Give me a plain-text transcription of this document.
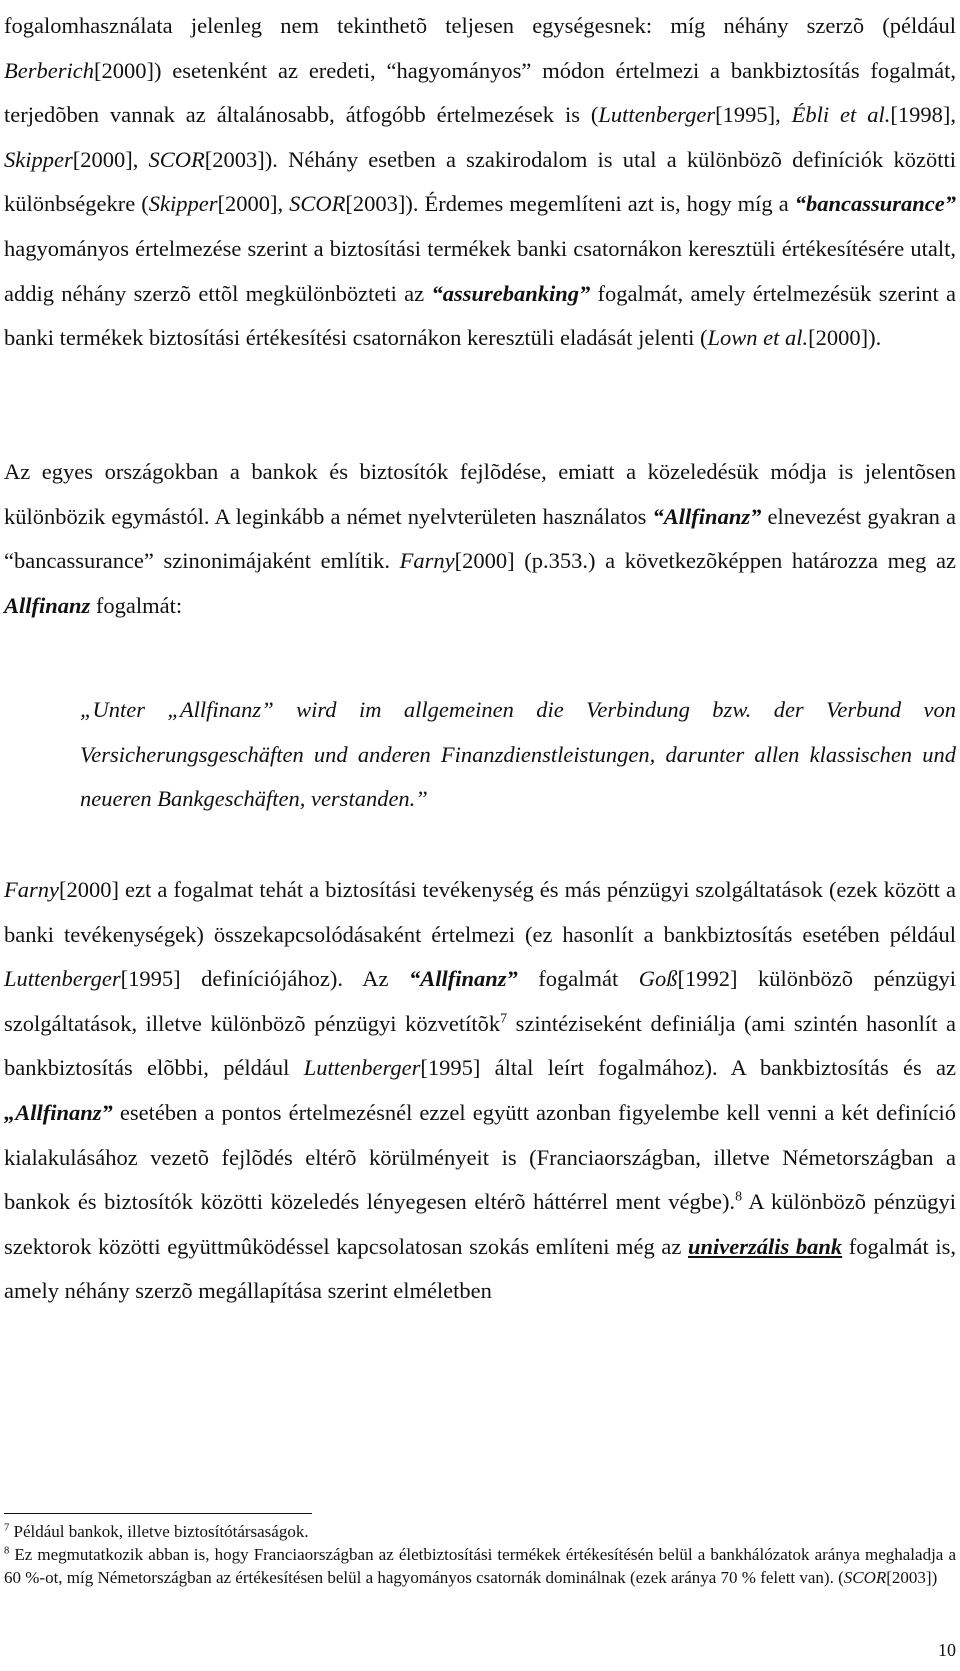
fogalomhasználata jelenleg nem tekinthetõ teljesen egységesnek: míg néhány szerzõ (például Berberich[2000]) esetenként az eredeti, “hagyományos” módon értelmezi a bankbiztosítás fogalmát, terjedõben vannak az általánosabb, átfogóbb értelmezések is (Luttenberger[1995], Ébli et al.[1998], Skipper[2000], SCOR[2003]). Néhány esetben a szakirodalom is utal a különbözõ definíciók közötti különbségekre (Skipper[2000], SCOR[2003]). Érdemes megemlíteni azt is, hogy míg a “bancassurance” hagyományos értelmezése szerint a biztosítási termékek banki csatornákon keresztüli értékesítésére utalt, addig néhány szerzõ ettõl megkülönbözteti az “assurebanking” fogalmát, amely értelmezésük szerint a banki termékek biztosítási értékesítési csatornákon keresztüli eladását jelenti (Lown et al.[2000]).

Az egyes országokban a bankok és biztosítók fejlõdése, emiatt a közeledésük módja is jelentõsen különbözik egymástól. A leginkább a német nyelvterületen használatos “Allfinanz” elnevezést gyakran a “bancassurance” szinonimájaként említik. Farny[2000] (p.353.) a következõképpen határozza meg az Allfinanz fogalmát:

„Unter „Allfinanz” wird im allgemeinen die Verbindung bzw. der Verbund von Versicherungsgeschäften und anderen Finanzdienstleistungen, darunter allen klassischen und neueren Bankgeschäften, verstanden.”

Farny[2000] ezt a fogalmat tehát a biztosítási tevékenység és más pénzügyi szolgáltatások (ezek között a banki tevékenységek) összekapcsolódásaként értelmezi (ez hasonlít a bankbiztosítás esetében például Luttenberger[1995] definíciójához). Az “Allfinanz” fogalmát Goß[1992] különbözõ pénzügyi szolgáltatások, illetve különbözõ pénzügyi közvetítõk$^7$ szintéziseként definiálja (ami szintén hasonlít a bankbiztosítás elõbbi, például Luttenberger[1995] által leírt fogalmához). A bankbiztosítás és az „Allfinanz” esetében a pontos értelmezésnél ezzel együtt azonban figyelembe kell venni a két definíció kialakulásához vezetõ fejlõdés eltérõ körülményeit is (Franciaországban, illetve Németországban a bankok és biztosítók közötti közeledés lényegesen eltérõ háttérrel ment végbe).$^8$ A különbözõ pénzügyi szektorok közötti együttmûködéssel kapcsolatosan szokás említeni még az univerzális bank fogalmát is, amely néhány szerzõ megállapítása szerint elméletben

$^7$ Például bankok, illetve biztosítótársaságok.

$^8$ Ez megmutatkozik abban is, hogy Franciaországban az életbiztosítási termékek értékesítésén belül a bankhálózatok aránya meghaladja a 60 %-ot, míg Németországban az értékesítésen belül a hagyományos csatornák dominálnak (ezek aránya 70 % felett van). (SCOR[2003])

10
